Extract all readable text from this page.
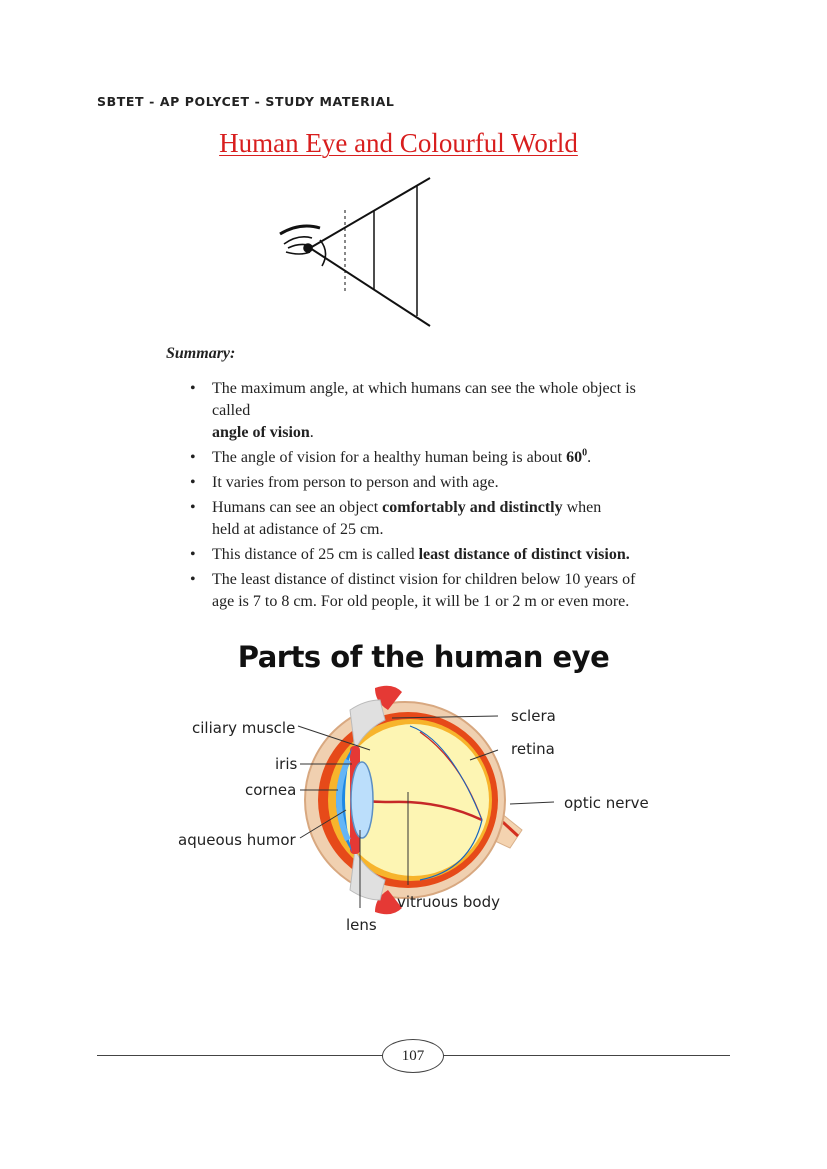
SBTET - AP POLYCET - STUDY MATERIAL
Human Eye and Colourful World
Summary:
• The maximum angle, at which humans can see the whole object is
called
angle of vision.
• The angle of vision for a healthy human being is about $60^0$.
• It varies from person to person and with age.
• Humans can see an object comfortably and distinctly when
held at adistance of 25 cm.
• This distance of 25 cm is called least distance of distinct vision.
• The least distance of distinct vision for children below 10 years of
age is 7 to 8 cm. For old people, it will be 1 or 2 m or even more.
Parts of the human eye
ciliary muscle
iris
cornea
aqueous humor
lens
vitruous body
sclera
retina
optic nerve
107
